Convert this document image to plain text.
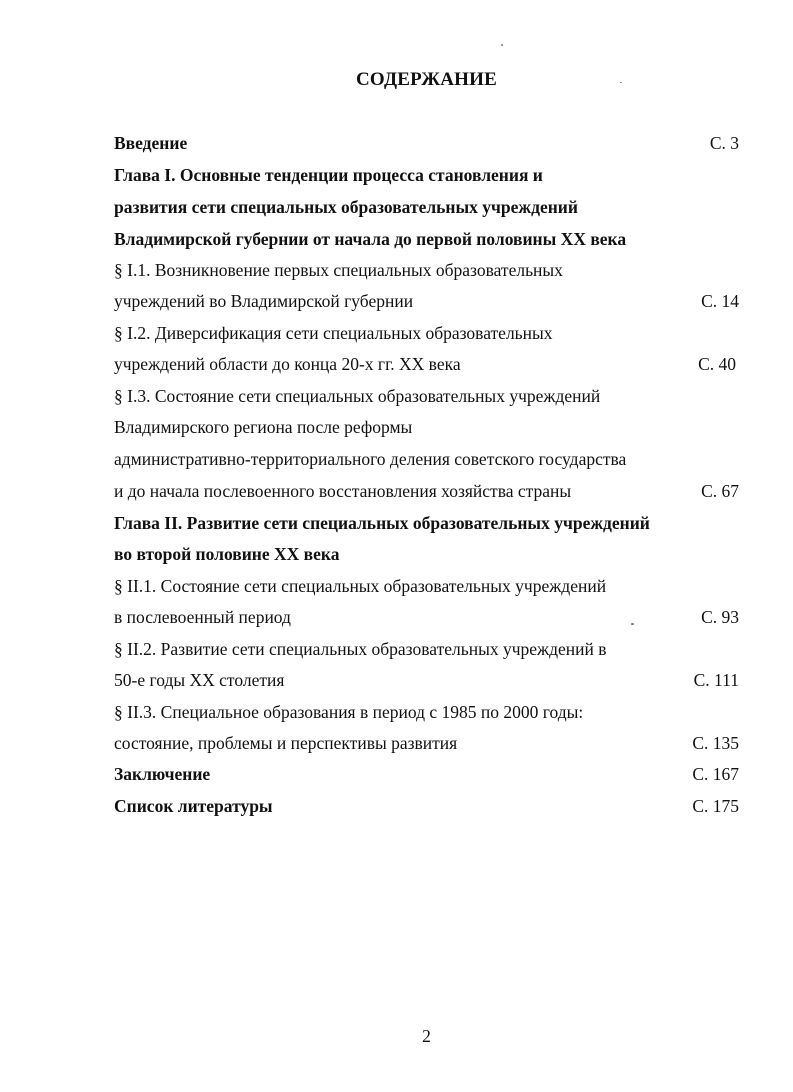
СОДЕРЖАНИЕ
Введение	С. 3
Глава I. Основные тенденции процесса становления и
развития сети специальных образовательных учреждений
Владимирской губернии от начала до первой половины XX века
§ I.1. Возникновение первых специальных образовательных
учреждений во Владимирской губернии	С. 14
§ I.2. Диверсификация сети специальных образовательных
учреждений области до конца 20-х гг. XX века	С. 40
§ I.3. Состояние сети специальных образовательных учреждений
Владимирского региона после реформы
административно-территориального деления советского государства
и до начала послевоенного восстановления хозяйства страны	С. 67
Глава II. Развитие сети специальных образовательных учреждений
во второй половине XX века
§ II.1. Состояние сети специальных образовательных учреждений
в послевоенный период	С. 93
§ II.2. Развитие сети специальных образовательных учреждений в
50-е годы XX столетия	С. 111
§ II.3. Специальное образования в период с 1985 по 2000 годы:
состояние, проблемы и перспективы развития	С. 135
Заключение	С. 167
Список литературы	С. 175
2
